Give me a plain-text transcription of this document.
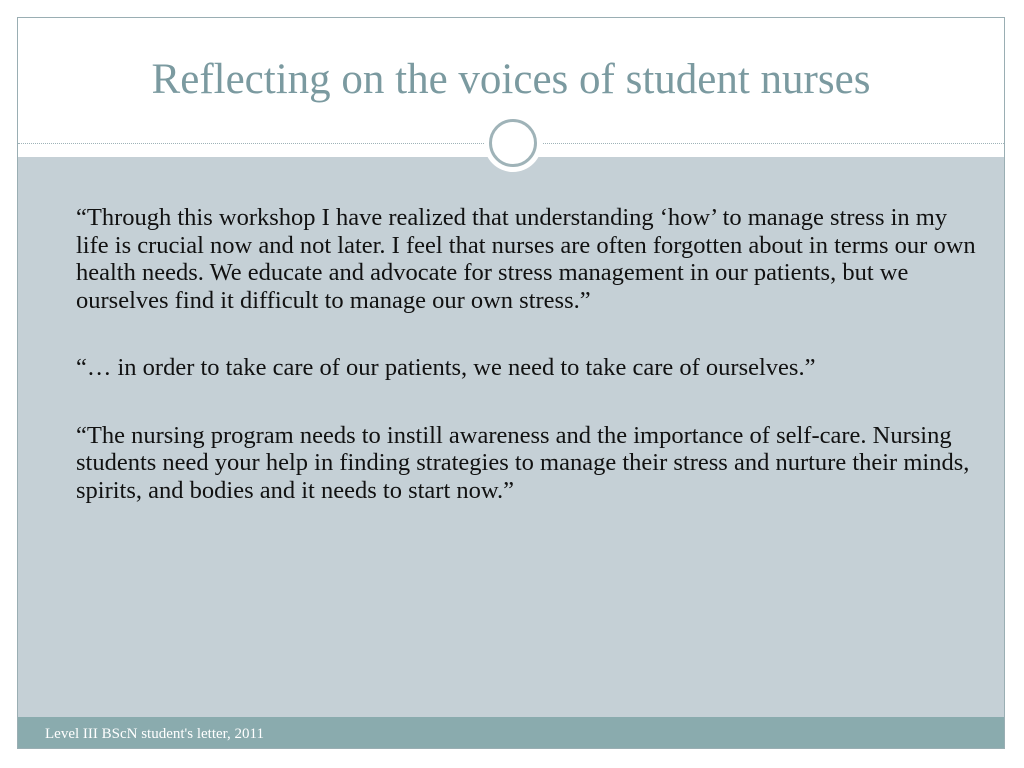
Reflecting on the voices of student nurses

“Through this workshop I have realized that understanding ‘how’ to manage stress in my life is crucial now and not later. I feel that nurses are often forgotten about in terms our own health needs. We educate and advocate for stress management in our patients, but we ourselves find it difficult to manage our own stress.”

“… in order to take care of our patients, we need to take care of ourselves.”

“The nursing program needs to instill awareness and the importance of self-care. Nursing students need your help in finding strategies to manage their stress and nurture their minds, spirits, and bodies and it needs to start now.”

Level III BScN student's letter, 2011
